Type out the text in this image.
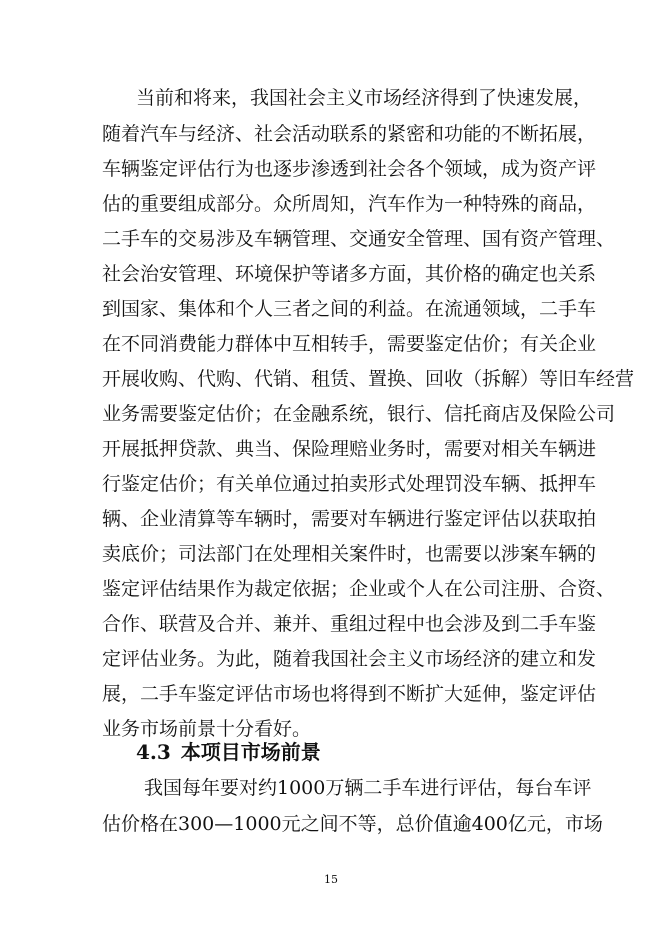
当前和将来，我国社会主义市场经济得到了快速发展，
随着汽车与经济、社会活动联系的紧密和功能的不断拓展，
车辆鉴定评估行为也逐步渗透到社会各个领域，成为资产评
估的重要组成部分。众所周知，汽车作为一种特殊的商品，
二手车的交易涉及车辆管理、交通安全管理、国有资产管理、
社会治安管理、环境保护等诸多方面，其价格的确定也关系
到国家、集体和个人三者之间的利益。在流通领域，二手车
在不同消费能力群体中互相转手，需要鉴定估价；有关企业
开展收购、代购、代销、租赁、置换、回收（拆解）等旧车经营
业务需要鉴定估价；在金融系统，银行、信托商店及保险公司
开展抵押贷款、典当、保险理赔业务时，需要对相关车辆进
行鉴定估价；有关单位通过拍卖形式处理罚没车辆、抵押车
辆、企业清算等车辆时，需要对车辆进行鉴定评估以获取拍
卖底价；司法部门在处理相关案件时，也需要以涉案车辆的
鉴定评估结果作为裁定依据；企业或个人在公司注册、合资、
合作、联营及合并、兼并、重组过程中也会涉及到二手车鉴
定评估业务。为此，随着我国社会主义市场经济的建立和发
展，二手车鉴定评估市场也将得到不断扩大延伸，鉴定评估
业务市场前景十分看好。
4.3 本项目市场前景
我国每年要对约1000万辆二手车进行评估，每台车评
估价格在300—1000元之间不等，总价值逾400亿元，市场
15
